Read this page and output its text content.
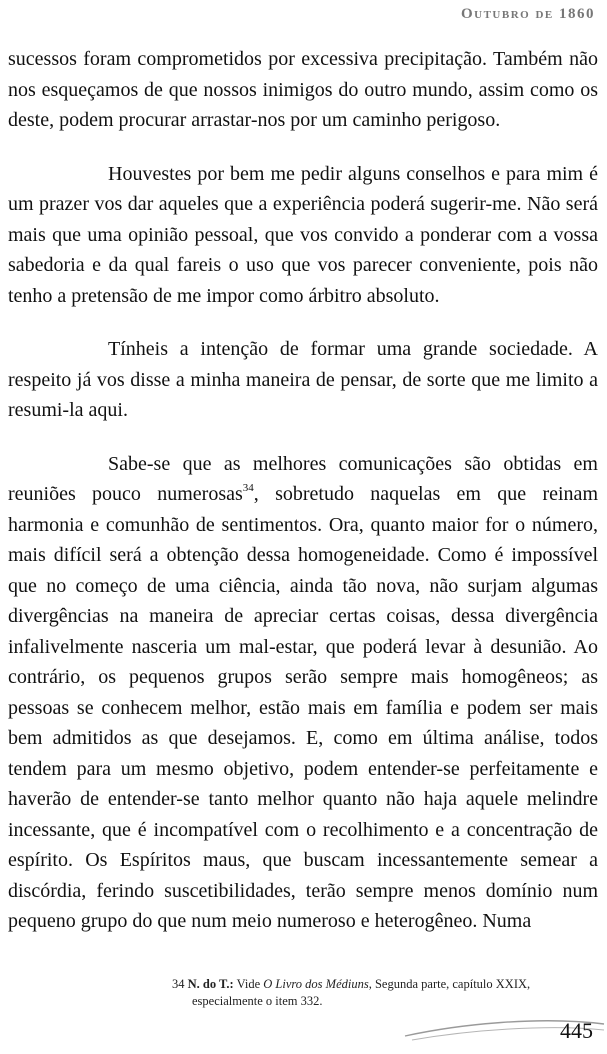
Outubro de 1860

sucessos foram comprometidos por excessiva precipitação. Também não nos esqueçamos de que nossos inimigos do outro mundo, assim como os deste, podem procurar arrastar-nos por um caminho perigoso.

Houvestes por bem me pedir alguns conselhos e para mim é um prazer vos dar aqueles que a experiência poderá sugerir-me. Não será mais que uma opinião pessoal, que vos convido a ponderar com a vossa sabedoria e da qual fareis o uso que vos parecer conveniente, pois não tenho a pretensão de me impor como árbitro absoluto.

Tínheis a intenção de formar uma grande sociedade. A respeito já vos disse a minha maneira de pensar, de sorte que me limito a resumi-la aqui.

Sabe-se que as melhores comunicações são obtidas em reuniões pouco numerosas$^{34}$, sobretudo naquelas em que reinam harmonia e comunhão de sentimentos. Ora, quanto maior for o número, mais difícil será a obtenção dessa homogeneidade. Como é impossível que no começo de uma ciência, ainda tão nova, não surjam algumas divergências na maneira de apreciar certas coisas, dessa divergência infalivelmente nasceria um mal-estar, que poderá levar à desunião. Ao contrário, os pequenos grupos serão sempre mais homogêneos; as pessoas se conhecem melhor, estão mais em família e podem ser mais bem admitidos as que desejamos. E, como em última análise, todos tendem para um mesmo objetivo, podem entender-se perfeitamente e haverão de entender-se tanto melhor quanto não haja aquele melindre incessante, que é incompatível com o recolhimento e a concentração de espírito. Os Espíritos maus, que buscam incessantemente semear a discórdia, ferindo suscetibilidades, terão sempre menos domínio num pequeno grupo do que num meio numeroso e heterogêneo. Numa

34 N. do T.: Vide O Livro dos Médiuns, Segunda parte, capítulo XXIX,
especialmente o item 332.
445
